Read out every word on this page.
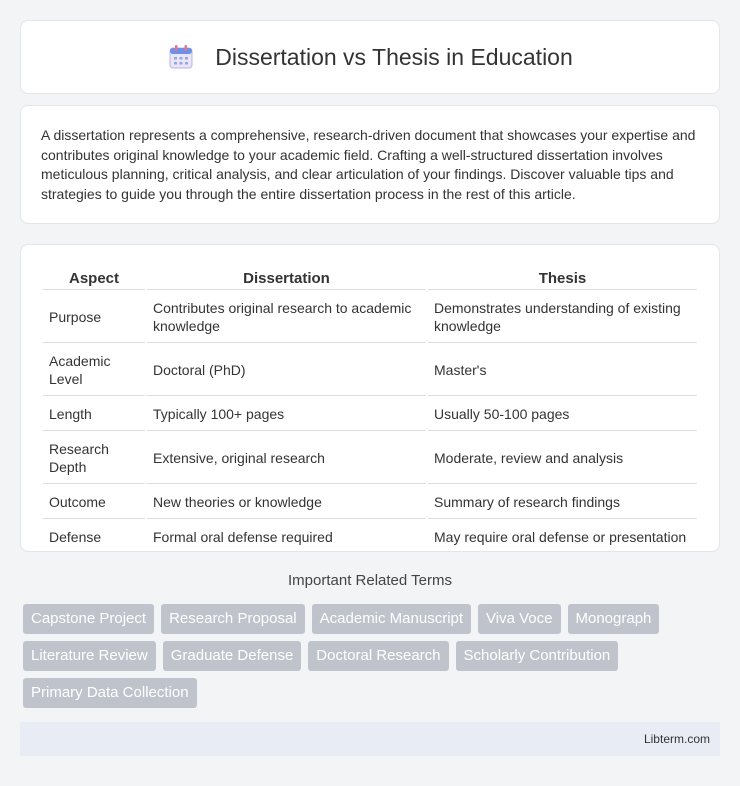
Dissertation vs Thesis in Education

A dissertation represents a comprehensive, research-driven document that showcases your expertise and contributes original knowledge to your academic field. Crafting a well-structured dissertation involves meticulous planning, critical analysis, and clear articulation of your findings. Discover valuable tips and strategies to guide you through the entire dissertation process in the rest of this article.

Aspect	Dissertation	Thesis
Purpose	Contributes original research to academic knowledge	Demonstrates understanding of existing knowledge
Academic Level	Doctoral (PhD)	Master's
Length	Typically 100+ pages	Usually 50-100 pages
Research Depth	Extensive, original research	Moderate, review and analysis
Outcome	New theories or knowledge	Summary of research findings
Defense	Formal oral defense required	May require oral defense or presentation
Important Related Terms
Capstone Project	Research Proposal	Academic Manuscript	Viva Voce	Monograph
Literature Review	Graduate Defense	Doctoral Research	Scholarly Contribution
Primary Data Collection
Libterm.com
